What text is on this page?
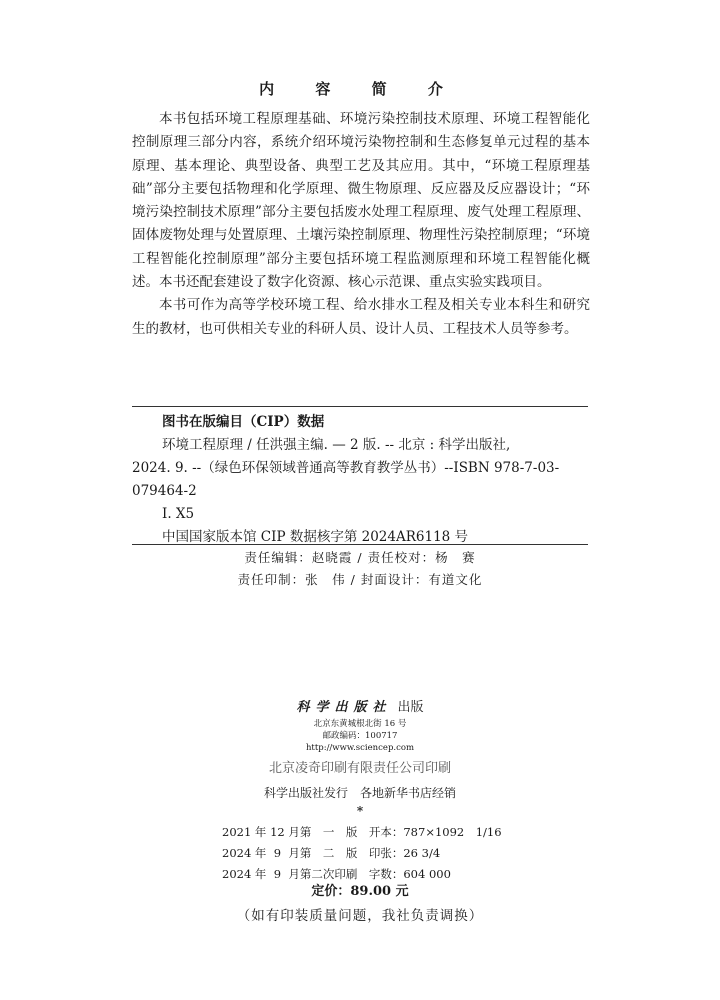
内 容 简 介

本书包括环境工程原理基础、环境污染控制技术原理、环境工程智能化控制原理三部分内容，系统介绍环境污染物控制和生态修复单元过程的基本原理、基本理论、典型设备、典型工艺及其应用。其中，“环境工程原理基础”部分主要包括物理和化学原理、微生物原理、反应器及反应器设计；“环境污染控制技术原理”部分主要包括废水处理工程原理、废气处理工程原理、固体废物处理与处置原理、土壤污染控制原理、物理性污染控制原理；“环境工程智能化控制原理”部分主要包括环境工程监测原理和环境工程智能化概述。本书还配套建设了数字化资源、核心示范课、重点实验实践项目。

本书可作为高等学校环境工程、给水排水工程及相关专业本科生和研究生的教材，也可供相关专业的科研人员、设计人员、工程技术人员等参考。

图书在版编目（CIP）数据
环境工程原理 / 任洪强主编. — 2 版. -- 北京 : 科学出版社,
2024. 9. --（绿色环保领域普通高等教育教学丛书）--ISBN 978-7-03-
079464-2
Ⅰ. X5
中国国家版本馆 CIP 数据核字第 2024AR6118 号
责任编辑：赵晓霞 / 责任校对：杨　赛
责任印制：张　伟 / 封面设计：有道文化
科学出版社 出版
北京东黄城根北街 16 号
邮政编码：100717
http://www.sciencep.com
北京凌奇印刷有限责任公司印刷
科学出版社发行　各地新华书店经销
*
2021 年 12 月第　一　版　开本：787×1092　1/16
2024 年  9  月第　二　版　印张：26 3/4
2024 年  9  月第二次印刷　字数：604 000
定价：89.00 元
（如有印装质量问题，我社负责调换）
